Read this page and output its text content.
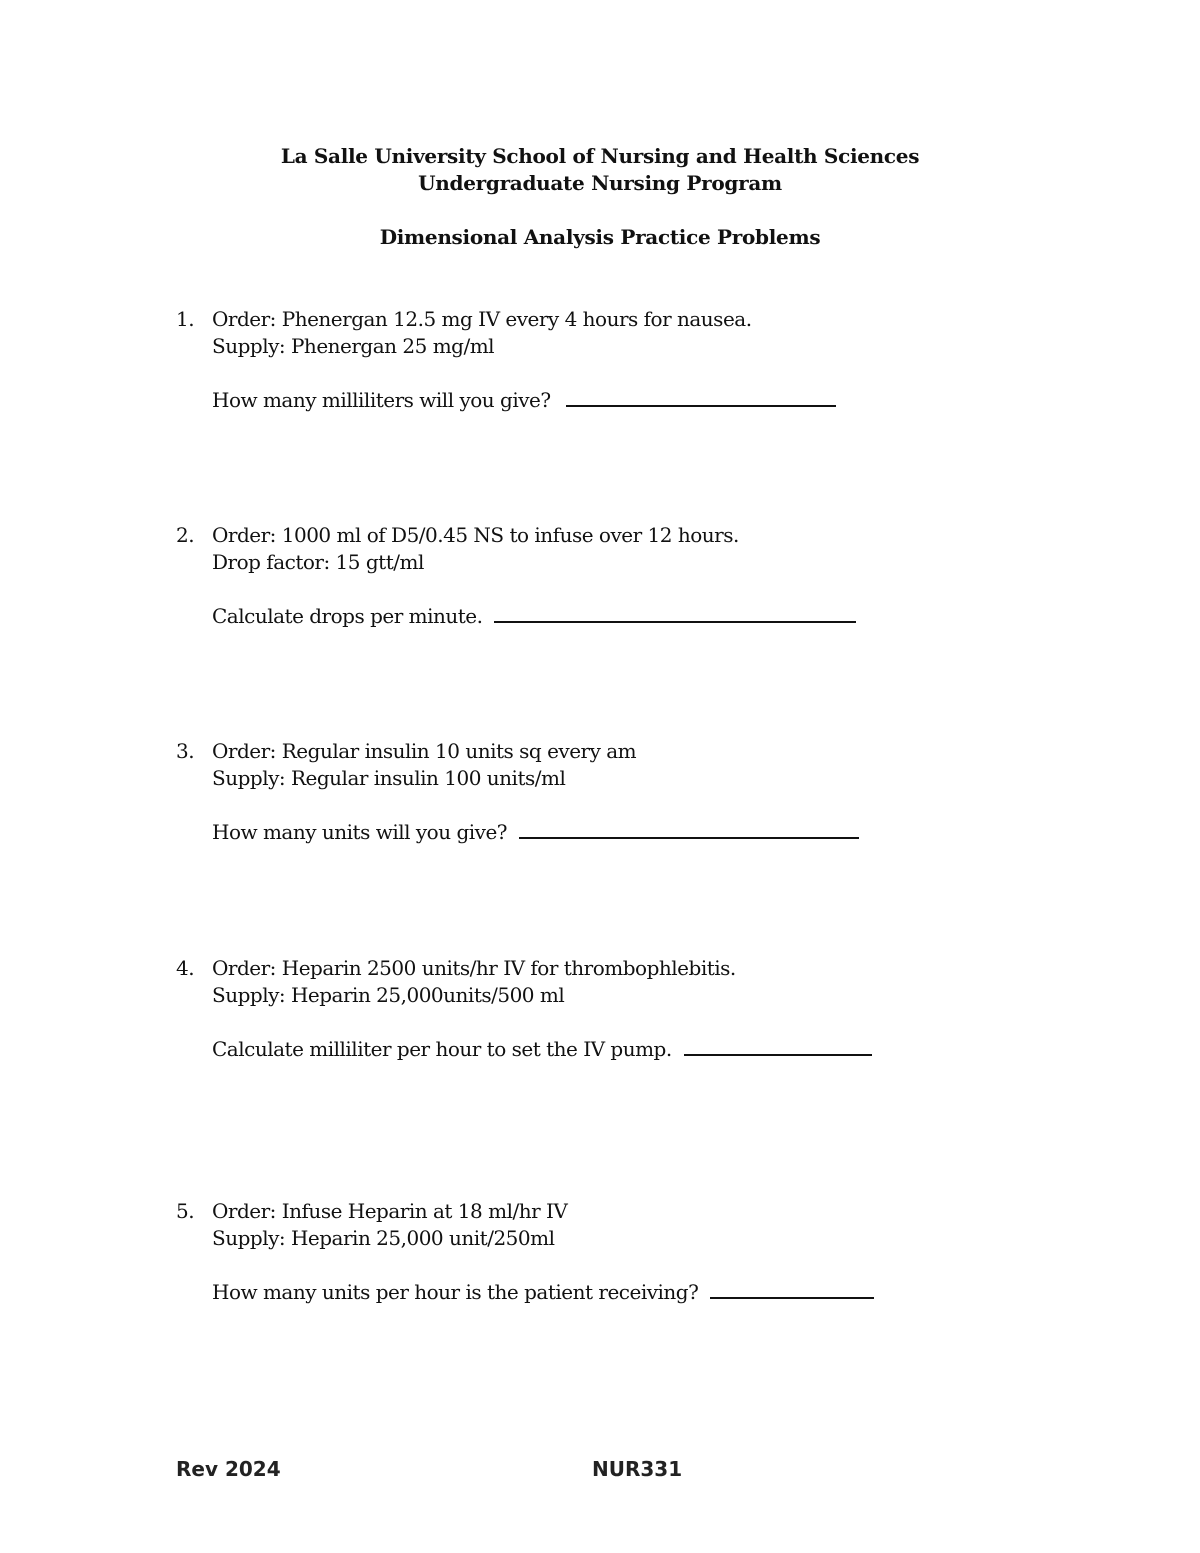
La Salle University School of Nursing and Health Sciences
Undergraduate Nursing Program
Dimensional Analysis Practice Problems
1. Order: Phenergan 12.5 mg IV every 4 hours for nausea.
Supply: Phenergan 25 mg/ml
How many milliliters will you give?
2. Order: 1000 ml of D5/0.45 NS to infuse over 12 hours.
Drop factor: 15 gtt/ml
Calculate drops per minute.
3. Order: Regular insulin 10 units sq every am
Supply: Regular insulin 100 units/ml
How many units will you give?
4. Order: Heparin 2500 units/hr IV for thrombophlebitis.
Supply: Heparin 25,000units/500 ml
Calculate milliliter per hour to set the IV pump.
5. Order: Infuse Heparin at 18 ml/hr IV
Supply: Heparin 25,000 unit/250ml
How many units per hour is the patient receiving?
Rev 2024	NUR331
